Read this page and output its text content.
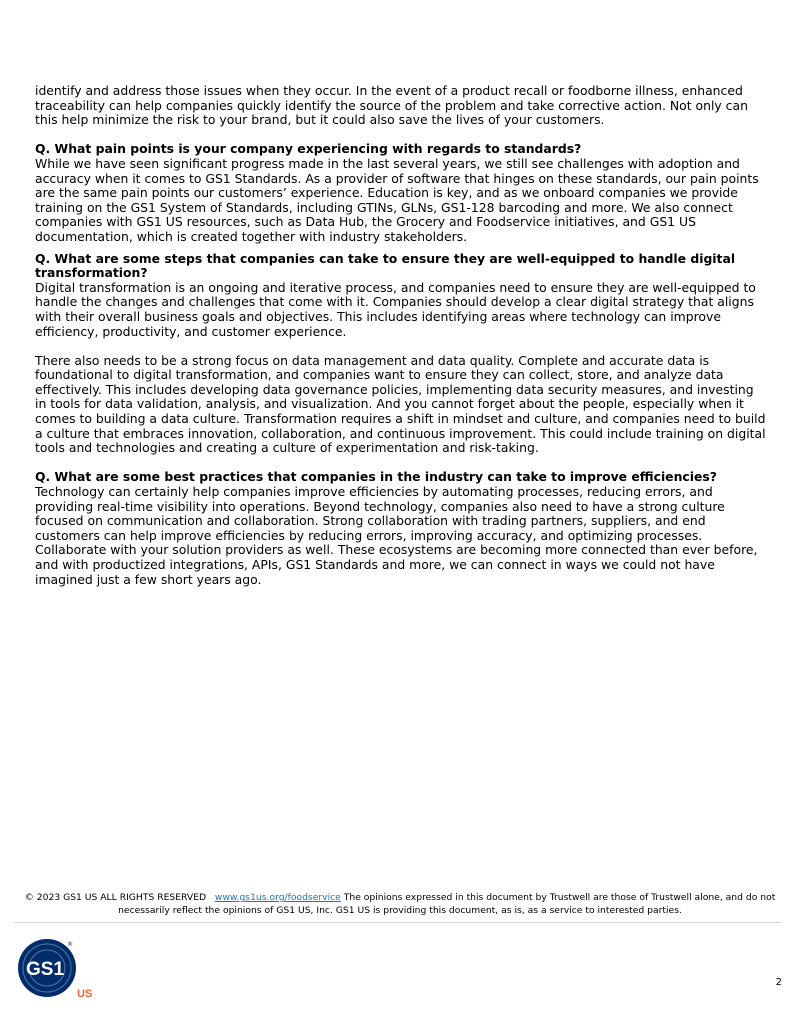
identify and address those issues when they occur. In the event of a product recall or foodborne illness, enhanced traceability can help companies quickly identify the source of the problem and take corrective action. Not only can this help minimize the risk to your brand, but it could also save the lives of your customers.

Q. What pain points is your company experiencing with regards to standards?

While we have seen significant progress made in the last several years, we still see challenges with adoption and accuracy when it comes to GS1 Standards. As a provider of software that hinges on these standards, our pain points are the same pain points our customers’ experience. Education is key, and as we onboard companies we provide training on the GS1 System of Standards, including GTINs, GLNs, GS1-128 barcoding and more. We also connect companies with GS1 US resources, such as Data Hub, the Grocery and Foodservice initiatives, and GS1 US documentation, which is created together with industry stakeholders.

Q. What are some steps that companies can take to ensure they are well-equipped to handle digital transformation?

Digital transformation is an ongoing and iterative process, and companies need to ensure they are well-equipped to handle the changes and challenges that come with it. Companies should develop a clear digital strategy that aligns with their overall business goals and objectives. This includes identifying areas where technology can improve efficiency, productivity, and customer experience.

There also needs to be a strong focus on data management and data quality. Complete and accurate data is foundational to digital transformation, and companies want to ensure they can collect, store, and analyze data effectively. This includes developing data governance policies, implementing data security measures, and investing in tools for data validation, analysis, and visualization. And you cannot forget about the people, especially when it comes to building a data culture. Transformation requires a shift in mindset and culture, and companies need to build a culture that embraces innovation, collaboration, and continuous improvement. This could include training on digital tools and technologies and creating a culture of experimentation and risk-taking.

Q. What are some best practices that companies in the industry can take to improve efficiencies?

Technology can certainly help companies improve efficiencies by automating processes, reducing errors, and providing real-time visibility into operations. Beyond technology, companies also need to have a strong culture focused on communication and collaboration. Strong collaboration with trading partners, suppliers, and end customers can help improve efficiencies by reducing errors, improving accuracy, and optimizing processes. Collaborate with your solution providers as well. These ecosystems are becoming more connected than ever before, and with productized integrations, APIs, GS1 Standards and more, we can connect in ways we could not have imagined just a few short years ago.

© 2023 GS1 US ALL RIGHTS RESERVED www.gs1us.org/foodservice The opinions expressed in this document by Trustwell are those of Trustwell alone, and do not necessarily reflect the opinions of GS1 US, Inc. GS1 US is providing this document, as is, as a service to interested parties.
GS1
®
US
2
